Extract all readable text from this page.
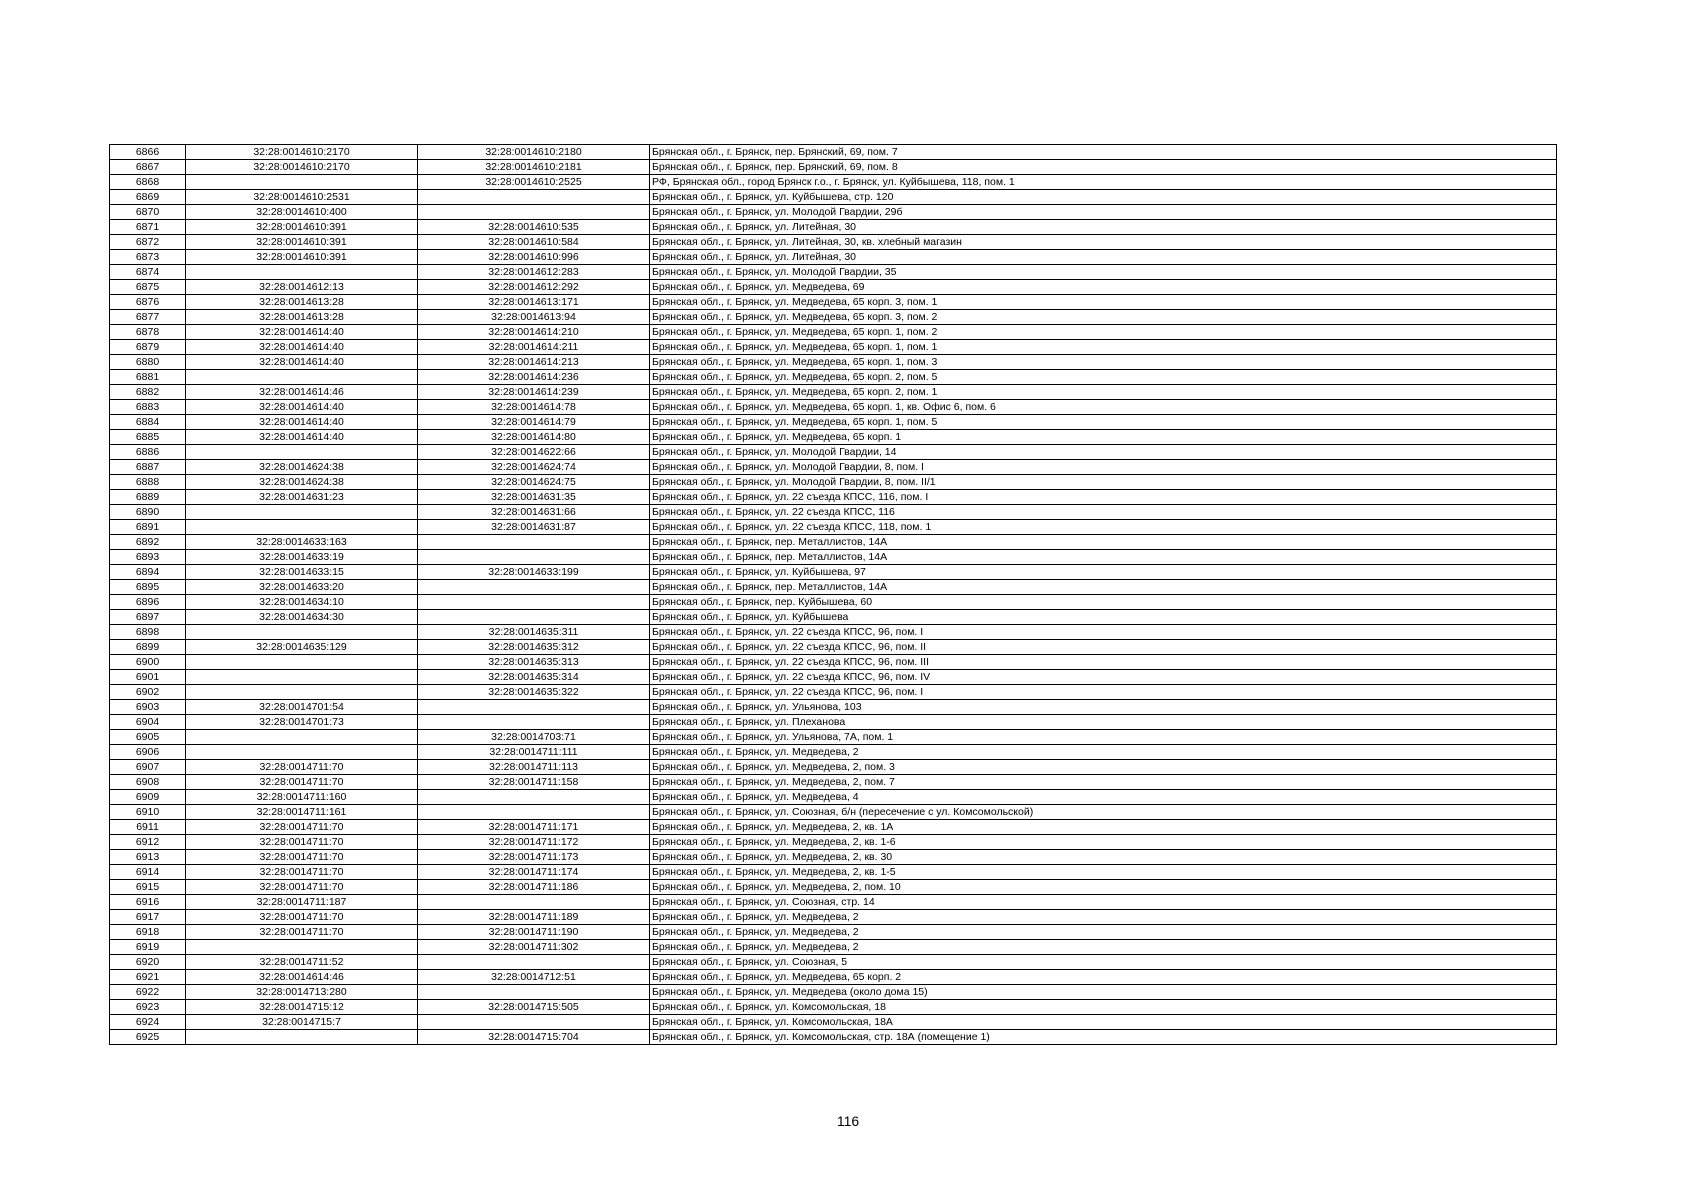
6866	32:28:0014610:2170	32:28:0014610:2180	Брянская обл., г. Брянск, пер. Брянский, 69, пом. 7
6867	32:28:0014610:2170	32:28:0014610:2181	Брянская обл., г. Брянск, пер. Брянский, 69, пом. 8
6868		32:28:0014610:2525	РФ, Брянская обл., город Брянск г.о., г. Брянск, ул. Куйбышева, 118, пом. 1
6869	32:28:0014610:2531		Брянская обл., г. Брянск, ул. Куйбышева, стр. 120
6870	32:28:0014610:400		Брянская обл., г. Брянск, ул. Молодой Гвардии, 29б
6871	32:28:0014610:391	32:28:0014610:535	Брянская обл., г. Брянск, ул. Литейная, 30
6872	32:28:0014610:391	32:28:0014610:584	Брянская обл., г. Брянск, ул. Литейная, 30, кв. хлебный магазин
6873	32:28:0014610:391	32:28:0014610:996	Брянская обл., г. Брянск, ул. Литейная, 30
6874		32:28:0014612:283	Брянская обл., г. Брянск, ул. Молодой Гвардии, 35
6875	32:28:0014612:13	32:28:0014612:292	Брянская обл., г. Брянск, ул. Медведева, 69
6876	32:28:0014613:28	32:28:0014613:171	Брянская обл., г. Брянск, ул. Медведева, 65 корп. 3, пом. 1
6877	32:28:0014613:28	32:28:0014613:94	Брянская обл., г. Брянск, ул. Медведева, 65 корп. 3, пом. 2
6878	32:28:0014614:40	32:28:0014614:210	Брянская обл., г. Брянск, ул. Медведева, 65 корп. 1, пом. 2
6879	32:28:0014614:40	32:28:0014614:211	Брянская обл., г. Брянск, ул. Медведева, 65 корп. 1, пом. 1
6880	32:28:0014614:40	32:28:0014614:213	Брянская обл., г. Брянск, ул. Медведева, 65 корп. 1, пом. 3
6881		32:28:0014614:236	Брянская обл., г. Брянск, ул. Медведева, 65 корп. 2, пом. 5
6882	32:28:0014614:46	32:28:0014614:239	Брянская обл., г. Брянск, ул. Медведева, 65 корп. 2, пом. 1
6883	32:28:0014614:40	32:28:0014614:78	Брянская обл., г. Брянск, ул. Медведева, 65 корп. 1, кв. Офис 6, пом. 6
6884	32:28:0014614:40	32:28:0014614:79	Брянская обл., г. Брянск, ул. Медведева, 65 корп. 1, пом. 5
6885	32:28:0014614:40	32:28:0014614:80	Брянская обл., г. Брянск, ул. Медведева, 65 корп. 1
6886		32:28:0014622:66	Брянская обл., г. Брянск, ул. Молодой Гвардии, 14
6887	32:28:0014624:38	32:28:0014624:74	Брянская обл., г. Брянск, ул. Молодой Гвардии, 8, пом. I
6888	32:28:0014624:38	32:28:0014624:75	Брянская обл., г. Брянск, ул. Молодой Гвардии, 8, пом. II/1
6889	32:28:0014631:23	32:28:0014631:35	Брянская обл., г. Брянск, ул. 22 съезда КПСС, 116, пом. I
6890		32:28:0014631:66	Брянская обл., г. Брянск, ул. 22 съезда КПСС, 116
6891		32:28:0014631:87	Брянская обл., г. Брянск, ул. 22 съезда КПСС, 118, пом. 1
6892	32:28:0014633:163		Брянская обл., г. Брянск, пер. Металлистов, 14А
6893	32:28:0014633:19		Брянская обл., г. Брянск, пер. Металлистов, 14А
6894	32:28:0014633:15	32:28:0014633:199	Брянская обл., г. Брянск, ул. Куйбышева, 97
6895	32:28:0014633:20		Брянская обл., г. Брянск, пер. Металлистов, 14А
6896	32:28:0014634:10		Брянская обл., г. Брянск, пер. Куйбышева, 60
6897	32:28:0014634:30		Брянская обл., г. Брянск, ул. Куйбышева
6898		32:28:0014635:311	Брянская обл., г. Брянск, ул. 22 съезда КПСС, 96, пом. I
6899	32:28:0014635:129	32:28:0014635:312	Брянская обл., г. Брянск, ул. 22 съезда КПСС, 96, пом. II
6900		32:28:0014635:313	Брянская обл., г. Брянск, ул. 22 съезда КПСС, 96, пом. III
6901		32:28:0014635:314	Брянская обл., г. Брянск, ул. 22 съезда КПСС, 96, пом. IV
6902		32:28:0014635:322	Брянская обл., г. Брянск, ул. 22 съезда КПСС, 96, пом. I
6903	32:28:0014701:54		Брянская обл., г. Брянск, ул. Ульянова, 103
6904	32:28:0014701:73		Брянская обл., г. Брянск, ул. Плеханова
6905		32:28:0014703:71	Брянская обл., г. Брянск, ул. Ульянова, 7А, пом. 1
6906		32:28:0014711:111	Брянская обл., г. Брянск, ул. Медведева, 2
6907	32:28:0014711:70	32:28:0014711:113	Брянская обл., г. Брянск, ул. Медведева, 2, пом. 3
6908	32:28:0014711:70	32:28:0014711:158	Брянская обл., г. Брянск, ул. Медведева, 2, пом. 7
6909	32:28:0014711:160		Брянская обл., г. Брянск, ул. Медведева, 4
6910	32:28:0014711:161		Брянская обл., г. Брянск, ул. Союзная, б/н (пересечение с ул. Комсомольской)
6911	32:28:0014711:70	32:28:0014711:171	Брянская обл., г. Брянск, ул. Медведева, 2, кв. 1А
6912	32:28:0014711:70	32:28:0014711:172	Брянская обл., г. Брянск, ул. Медведева, 2, кв. 1-6
6913	32:28:0014711:70	32:28:0014711:173	Брянская обл., г. Брянск, ул. Медведева, 2, кв. 30
6914	32:28:0014711:70	32:28:0014711:174	Брянская обл., г. Брянск, ул. Медведева, 2, кв. 1-5
6915	32:28:0014711:70	32:28:0014711:186	Брянская обл., г. Брянск, ул. Медведева, 2, пом. 10
6916	32:28:0014711:187		Брянская обл., г. Брянск, ул. Союзная, стр. 14
6917	32:28:0014711:70	32:28:0014711:189	Брянская обл., г. Брянск, ул. Медведева, 2
6918	32:28:0014711:70	32:28:0014711:190	Брянская обл., г. Брянск, ул. Медведева, 2
6919		32:28:0014711:302	Брянская обл., г. Брянск, ул. Медведева, 2
6920	32:28:0014711:52		Брянская обл., г. Брянск, ул. Союзная, 5
6921	32:28:0014614:46	32:28:0014712:51	Брянская обл., г. Брянск, ул. Медведева, 65 корп. 2
6922	32:28:0014713:280		Брянская обл., г. Брянск, ул. Медведева (около дома 15)
6923	32:28:0014715:12	32:28:0014715:505	Брянская обл., г. Брянск, ул. Комсомольская, 18
6924	32:28:0014715:7		Брянская обл., г. Брянск, ул. Комсомольская, 18А
6925		32:28:0014715:704	Брянская обл., г. Брянск, ул. Комсомольская, стр. 18А (помещение 1)
116
